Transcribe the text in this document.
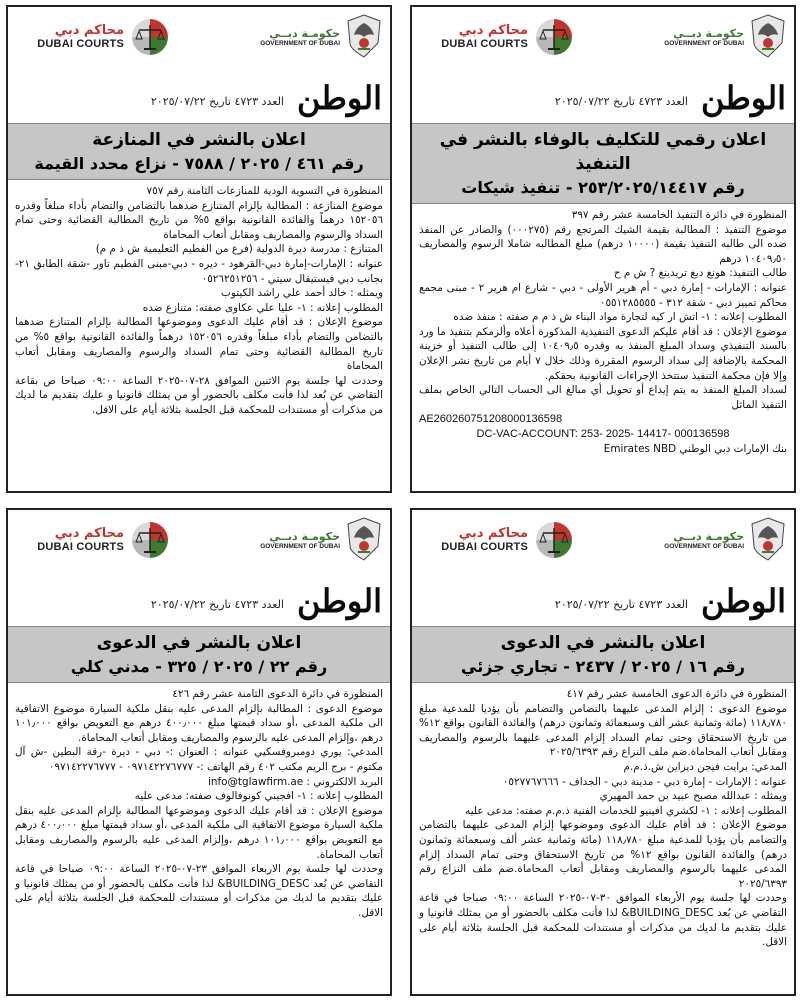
محاكم دبي
DUBAI COURTS
حكومـة دبــي
GOVERNMENT OF DUBAI
الوطن
العدد ٤٧٢٣ تاريخ ٢٠٢٥/٠٧/٢٢
اعلان رقمي للتكليف بالوفاء بالنشر في التنفيذ
رقم ٢٥٣/٢٠٢٥/١٤٤١٧ - تنفيذ شيكات

المنظورة في دائرة التنفيذ الخامسة عشر رقم ٣٩٧

موضوع التنفيذ : المطالبة بقيمة الشيك المرتجع رقم (٠٠٠٢٧٥) والصادر عن المنفذ ضده الى طالبه التنفيذ بقيمة (١٠٠٠٠ درهم) مبلغ المطالبه شاملا الرسوم والمصاريف ١٠٤٠٩٫٥٠ درهم

طالب التنفيذ: هونغ ديغ تريدينغ ? ش م ح

عنوانه : الإمارات - إمارة دبي - أم هرير الأولى - دبي - شارع ام هرير ٢ - مبنى مجمع محاكم تمييز دبي - شقة ٣١٢ - ٠٥٥١٢٨٥٥٥٥

المطلوب إعلانه : ١- اتش ار كيه لتجارة مواد البناء ش ذ م م صفته : منفذ ضده

موضوع الإعلان : قد أقام عليكم الدعوى التنفيذية المذكورة أعلاه وألزمكم بتنفيذ ما ورد بالسند التنفيذي وسداد المبلغ المنفذ به وقدره ١٠٤٠٩٫٥ إلى طالب التنفيذ أو خزينة المحكمة بالإضافة إلى سداد الرسوم المقررة وذلك خلال ٧ أيام من تاريخ نشر الإعلان وإلا فإن محكمة التنفيذ ستتخذ الإجراءات القانونية بحقكم.

لسداد المبلغ المنفذ به يتم إيداع أو تحويل أي مبالغ الى الحساب التالي الخاص بملف التنفيذ الماثل

AE260260751208000136598

DC-VAC-ACCOUNT: 253- 2025- 14417- 000136598

بنك الإمارات دبي الوطني Emirates NBD

محاكم دبي
DUBAI COURTS
حكومـة دبــي
GOVERNMENT OF DUBAI
الوطن
العدد ٤٧٢٣ تاريخ ٢٠٢٥/٠٧/٢٢
اعلان بالنشر في المنازعة
رقم ٤٦١ / ٢٠٢٥ / ٧٥٨٨ - نزاع محدد القيمة

المنظورة في التسوية الودية للمنازعات الثامنة رقم ٧٥٧

موضوع المنازعة : المطالبة بإلزام المتنازع ضدهما بالتضامن والتضام بأداء مبلغاً وقدره ١٥٢٠٥٦ درهماً والفائدة القانونية بواقع ٥% من تاريخ المطالبة القضائية وحتى تمام السداد والرسوم والمصاريف ومقابل أتعاب المحاماة

المتنازع : مدرسة ديرة الدولية (فرع من الفطيم التعليمية ش ذ م م)

عنوانه : الإمارات-إمارة دبي-القرهود - ديره - دبي-مبنى الفطيم تاور -شقة الطابق ٢١-بجانب دبي فيستيفال سيتي - ٠٥٢٦٢٥١٢٥٦

ويمثله : خالد أحمد علي راشد الكيتوب

المطلوب إعلانه : ١- عليا علي عكاوى صفته: متنازع ضده

موضوع الإعلان : قد أقام عليك الدعوى وموضوعها المطالبة بإلزام المتنازع ضدهما بالتضامن والتضام بأداء مبلغاً وقدره ١٥٢٠٥٦ درهماً والفائدة القانونية بواقع ٥% من تاريخ المطالبة القضائية وحتى تمام السداد والرسوم والمصاريف ومقابل أتعاب المحاماة

وحددت لها جلسة يوم الاثنين الموافق ٢٨-٠٧-٢٠٢٥ الساعة ٠٩:٠٠ صباحا ص بقاعة التقاضي عن بُعد لذا فأنت مكلف بالحضور أو من يمثلك قانونيا و عليك بتقديم ما لديك من مذكرات أو مستندات للمحكمة قبل الجلسة بثلاثة أيام على الاقل.

محاكم دبي
DUBAI COURTS
حكومـة دبــي
GOVERNMENT OF DUBAI
الوطن
العدد ٤٧٢٣ تاريخ ٢٠٢٥/٠٧/٢٢
اعلان بالنشر في الدعوى
رقم ١٦ / ٢٠٢٥ / ٢٤٣٧ - تجاري جزئي

المنظورة في دائرة الدعوى الخامسة عشر رقم ٤١٧

موضوع الدعوى : إلزام المدعى عليهما بالتضامن والتضامم بأن يؤديا للمدعية مبلغ ١١٨٫٧٨٠ (مائة وثمانية عشر ألف وسبعمائة وثمانون درهم) والفائدة القانون بواقع ١٢% من تاريخ الاستحقاق وحتى تمام السداد إلزام المدعى عليهما بالرسوم والمصاريف ومقابل أتعاب المحاماة.ضم ملف النزاع رقم ٢٠٢٥/٦٣٩٣

المدعي: برايت فيجن ديزاين ش.ذ.م.م

عنوانه : الإمارات - إمارة دبي - مدينة دبي - الجداف - ٠٥٢٧٧٦٧٦٦٦

ويمثله : عبدالله مصبح عبيد بن حمد المهيري

المطلوب إعلانه : ١- لكشري افينيو للخدمات الفنية ذ.م.م صفته: مدعى عليه

موضوع الإعلان : قد أقام عليك الدعوى وموضوعها إلزام المدعى عليهما بالتضامن والتضامم بأن يؤديا للمدعية مبلغ ١١٨٫٧٨٠ (مائة وثمانية عشر ألف وسبعمائة وثمانون درهم) والفائدة القانون بواقع ١٢% من تاريخ الاستحقاق وحتى تمام السداد إلزام المدعى عليهما بالرسوم والمصاريف ومقابل أتعاب المحاماة.ضم ملف النزاع رقم ٢٠٢٥/٦٣٩٣

وحددت لها جلسة يوم الأربعاء الموافق ٣٠-٠٧-٢٠٢٥ الساعة ٠٩:٠٠ صباحا في قاعة التقاضي عن بُعد BUILDING_DESC& لذا فأنت مكلف بالحضور أو من يمثلك قانونيا و عليك بتقديم ما لديك من مذكرات أو مستندات للمحكمة قبل الجلسة بثلاثة أيام على الاقل.

محاكم دبي
DUBAI COURTS
حكومـة دبــي
GOVERNMENT OF DUBAI
الوطن
العدد ٤٧٢٣ تاريخ ٢٠٢٥/٠٧/٢٢
اعلان بالنشر في الدعوى
رقم ٢٢ / ٢٠٢٥ / ٣٢٥ - مدني كلي

المنظورة في دائرة الدعوى الثامنة عشر رقم ٤٢٦

موضوع الدعوى : المطالبة بإلزام المدعى عليه بنقل ملكية السيارة موضوع الاتفاقية الى ملكية المدعى ،أو سداد قيمتها مبلغ ٤٠٠٫٠٠٠ درهم مع التعويض بواقع ١٠١٫٠٠٠ درهم ،وإلزام المدعى عليه بالرسوم والمصاريف ومقابل أتعاب المحاماة.

المدعي: يوري دومبروفسكيي عنوانه : العنوان :- دبي - ديرة -رقة البطين -ش آل مكتوم - برج الريم مكتب ٤٠٢ رقم الهاتف :- ٠٩٧١٤٢٢٧٦٧٧٧ - ٠٩٧١٤٢٢٧٦٧٧٧

البريد الالكتروني : info@tglawfirm.ae

المطلوب إعلانه : ١- افجيني كونوفالوف صفته: مدعى عليه

موضوع الإعلان : قد أقام عليك الدعوى وموضوعها المطالبة بإلزام المدعى عليه بنقل ملكية السيارة موضوع الاتفاقية الى ملكية المدعى ،أو سداد قيمتها مبلغ ٤٠٠٫٠٠٠ درهم مع التعويض بواقع ١٠١٫٠٠٠ درهم ،وإلزام المدعى عليه بالرسوم والمصاريف ومقابل أتعاب المحاماة.

وحددت لها جلسة يوم الاربعاء الموافق ٢٣-٠٧-٢٠٢٥ الساعة ٠٩:٠٠ صباحا في قاعة التقاضي عن بُعد BUILDING_DESC& لذا فأنت مكلف بالحضور أو من يمثلك قانونيا و عليك بتقديم ما لديك من مذكرات أو مستندات للمحكمة قبل الجلسة بثلاثة أيام على الاقل.
